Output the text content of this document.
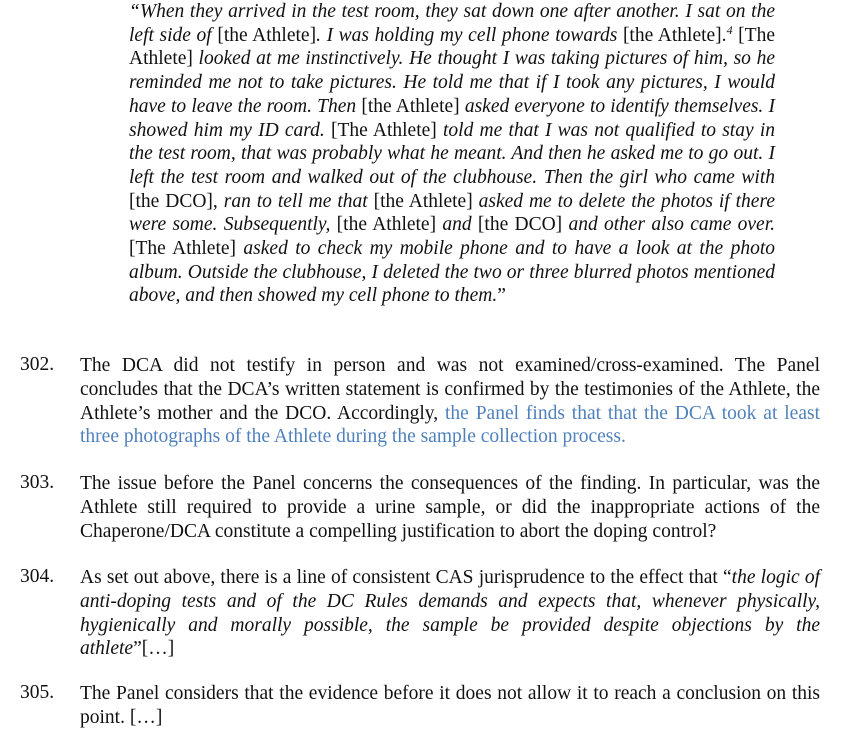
“When they arrived in the test room, they sat down one after another. I sat on the left side of [the Athlete]. I was holding my cell phone towards [the Athlete].$^4$ [The Athlete] looked at me instinctively. He thought I was taking pictures of him, so he reminded me not to take pictures. He told me that if I took any pictures, I would have to leave the room. Then [the Athlete] asked everyone to identify themselves. I showed him my ID card. [The Athlete] told me that I was not qualified to stay in the test room, that was probably what he meant. And then he asked me to go out. I left the test room and walked out of the clubhouse. Then the girl who came with [the DCO], ran to tell me that [the Athlete] asked me to delete the photos if there were some. Subsequently, [the Athlete] and [the DCO] and other also came over. [The Athlete] asked to check my mobile phone and to have a look at the photo album. Outside the clubhouse, I deleted the two or three blurred photos mentioned above, and then showed my cell phone to them.”
302.	The DCA did not testify in person and was not examined/cross-examined. The Panel concludes that the DCA’s written statement is confirmed by the testimonies of the Athlete, the Athlete’s mother and the DCO. Accordingly, the Panel finds that that the DCA took at least three photographs of the Athlete during the sample collection process.
303.	The issue before the Panel concerns the consequences of the finding. In particular, was the Athlete still required to provide a urine sample, or did the inappropriate actions of the Chaperone/DCA constitute a compelling justification to abort the doping control?
304.	As set out above, there is a line of consistent CAS jurisprudence to the effect that “the logic of anti-doping tests and of the DC Rules demands and expects that, whenever physically, hygienically and morally possible, the sample be provided despite objections by the athlete”[…]
305.	The Panel considers that the evidence before it does not allow it to reach a conclusion on this point. […]
